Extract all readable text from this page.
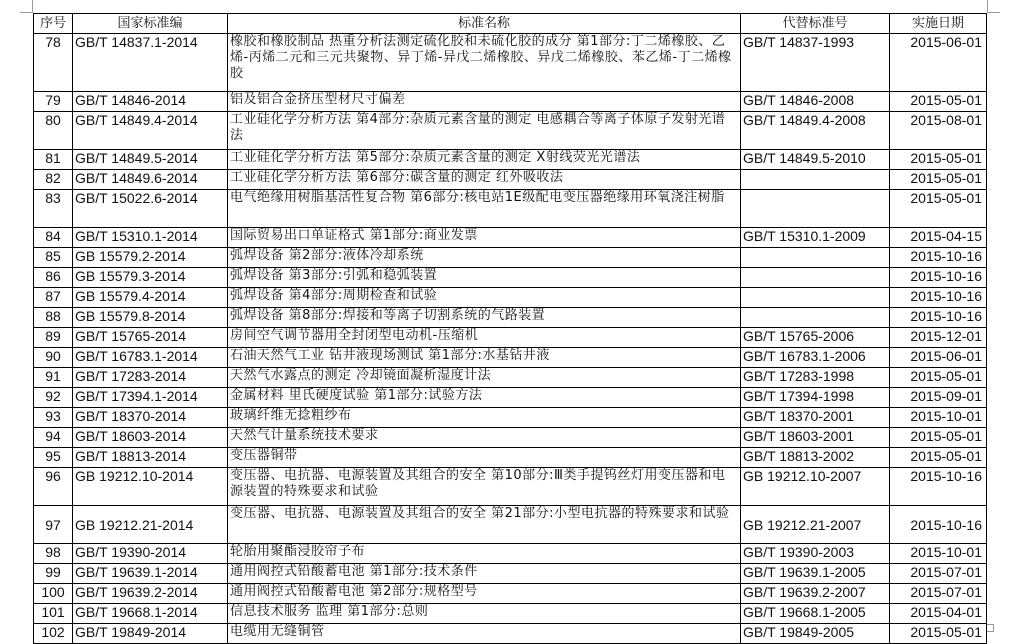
序号	国家标准编	标准名称	代替标准号	实施日期
78	GB/T 14837.1-2014	橡胶和橡胶制品 热重分析法测定硫化胶和未硫化胶的成分 第1部分:丁二烯橡胶、乙烯-丙烯二元和三元共聚物、异丁烯-异戊二烯橡胶、异戊二烯橡胶、苯乙烯-丁二烯橡胶	GB/T 14837-1993	2015-06-01
79	GB/T 14846-2014	铝及铝合金挤压型材尺寸偏差	GB/T 14846-2008	2015-05-01
80	GB/T 14849.4-2014	工业硅化学分析方法 第4部分:杂质元素含量的测定 电感耦合等离子体原子发射光谱法	GB/T 14849.4-2008	2015-08-01
81	GB/T 14849.5-2014	工业硅化学分析方法 第5部分:杂质元素含量的测定 X射线荧光光谱法	GB/T 14849.5-2010	2015-05-01
82	GB/T 14849.6-2014	工业硅化学分析方法 第6部分:碳含量的测定 红外吸收法		2015-05-01
83	GB/T 15022.6-2014	电气绝缘用树脂基活性复合物 第6部分:核电站1E级配电变压器绝缘用环氧浇注树脂		2015-05-01
84	GB/T 15310.1-2014	国际贸易出口单证格式 第1部分:商业发票	GB/T 15310.1-2009	2015-04-15
85	GB 15579.2-2014	弧焊设备 第2部分:液体冷却系统		2015-10-16
86	GB 15579.3-2014	弧焊设备 第3部分:引弧和稳弧装置		2015-10-16
87	GB 15579.4-2014	弧焊设备 第4部分:周期检查和试验		2015-10-16
88	GB 15579.8-2014	弧焊设备 第8部分:焊接和等离子切割系统的气路装置		2015-10-16
89	GB/T 15765-2014	房间空气调节器用全封闭型电动机-压缩机	GB/T 15765-2006	2015-12-01
90	GB/T 16783.1-2014	石油天然气工业 钻井液现场测试 第1部分:水基钻井液	GB/T 16783.1-2006	2015-06-01
91	GB/T 17283-2014	天然气水露点的测定 冷却镜面凝析湿度计法	GB/T 17283-1998	2015-05-01
92	GB/T 17394.1-2014	金属材料 里氏硬度试验 第1部分:试验方法	GB/T 17394-1998	2015-09-01
93	GB/T 18370-2014	玻璃纤维无捻粗纱布	GB/T 18370-2001	2015-10-01
94	GB/T 18603-2014	天然气计量系统技术要求	GB/T 18603-2001	2015-05-01
95	GB/T 18813-2014	变压器铜带	GB/T 18813-2002	2015-05-01
96	GB 19212.10-2014	变压器、电抗器、电源装置及其组合的安全 第10部分:Ⅲ类手提钨丝灯用变压器和电源装置的特殊要求和试验	GB 19212.10-2007	2015-10-16
97	GB 19212.21-2014	变压器、电抗器、电源装置及其组合的安全 第21部分:小型电抗器的特殊要求和试验	GB 19212.21-2007	2015-10-16
98	GB/T 19390-2014	轮胎用聚酯浸胶帘子布	GB/T 19390-2003	2015-10-01
99	GB/T 19639.1-2014	通用阀控式铅酸蓄电池 第1部分:技术条件	GB/T 19639.1-2005	2015-07-01
100	GB/T 19639.2-2014	通用阀控式铅酸蓄电池 第2部分:规格型号	GB/T 19639.2-2007	2015-07-01
101	GB/T 19668.1-2014	信息技术服务 监理 第1部分:总则	GB/T 19668.1-2005	2015-04-01
102	GB/T 19849-2014	电缆用无缝铜管	GB/T 19849-2005	2015-05-01
